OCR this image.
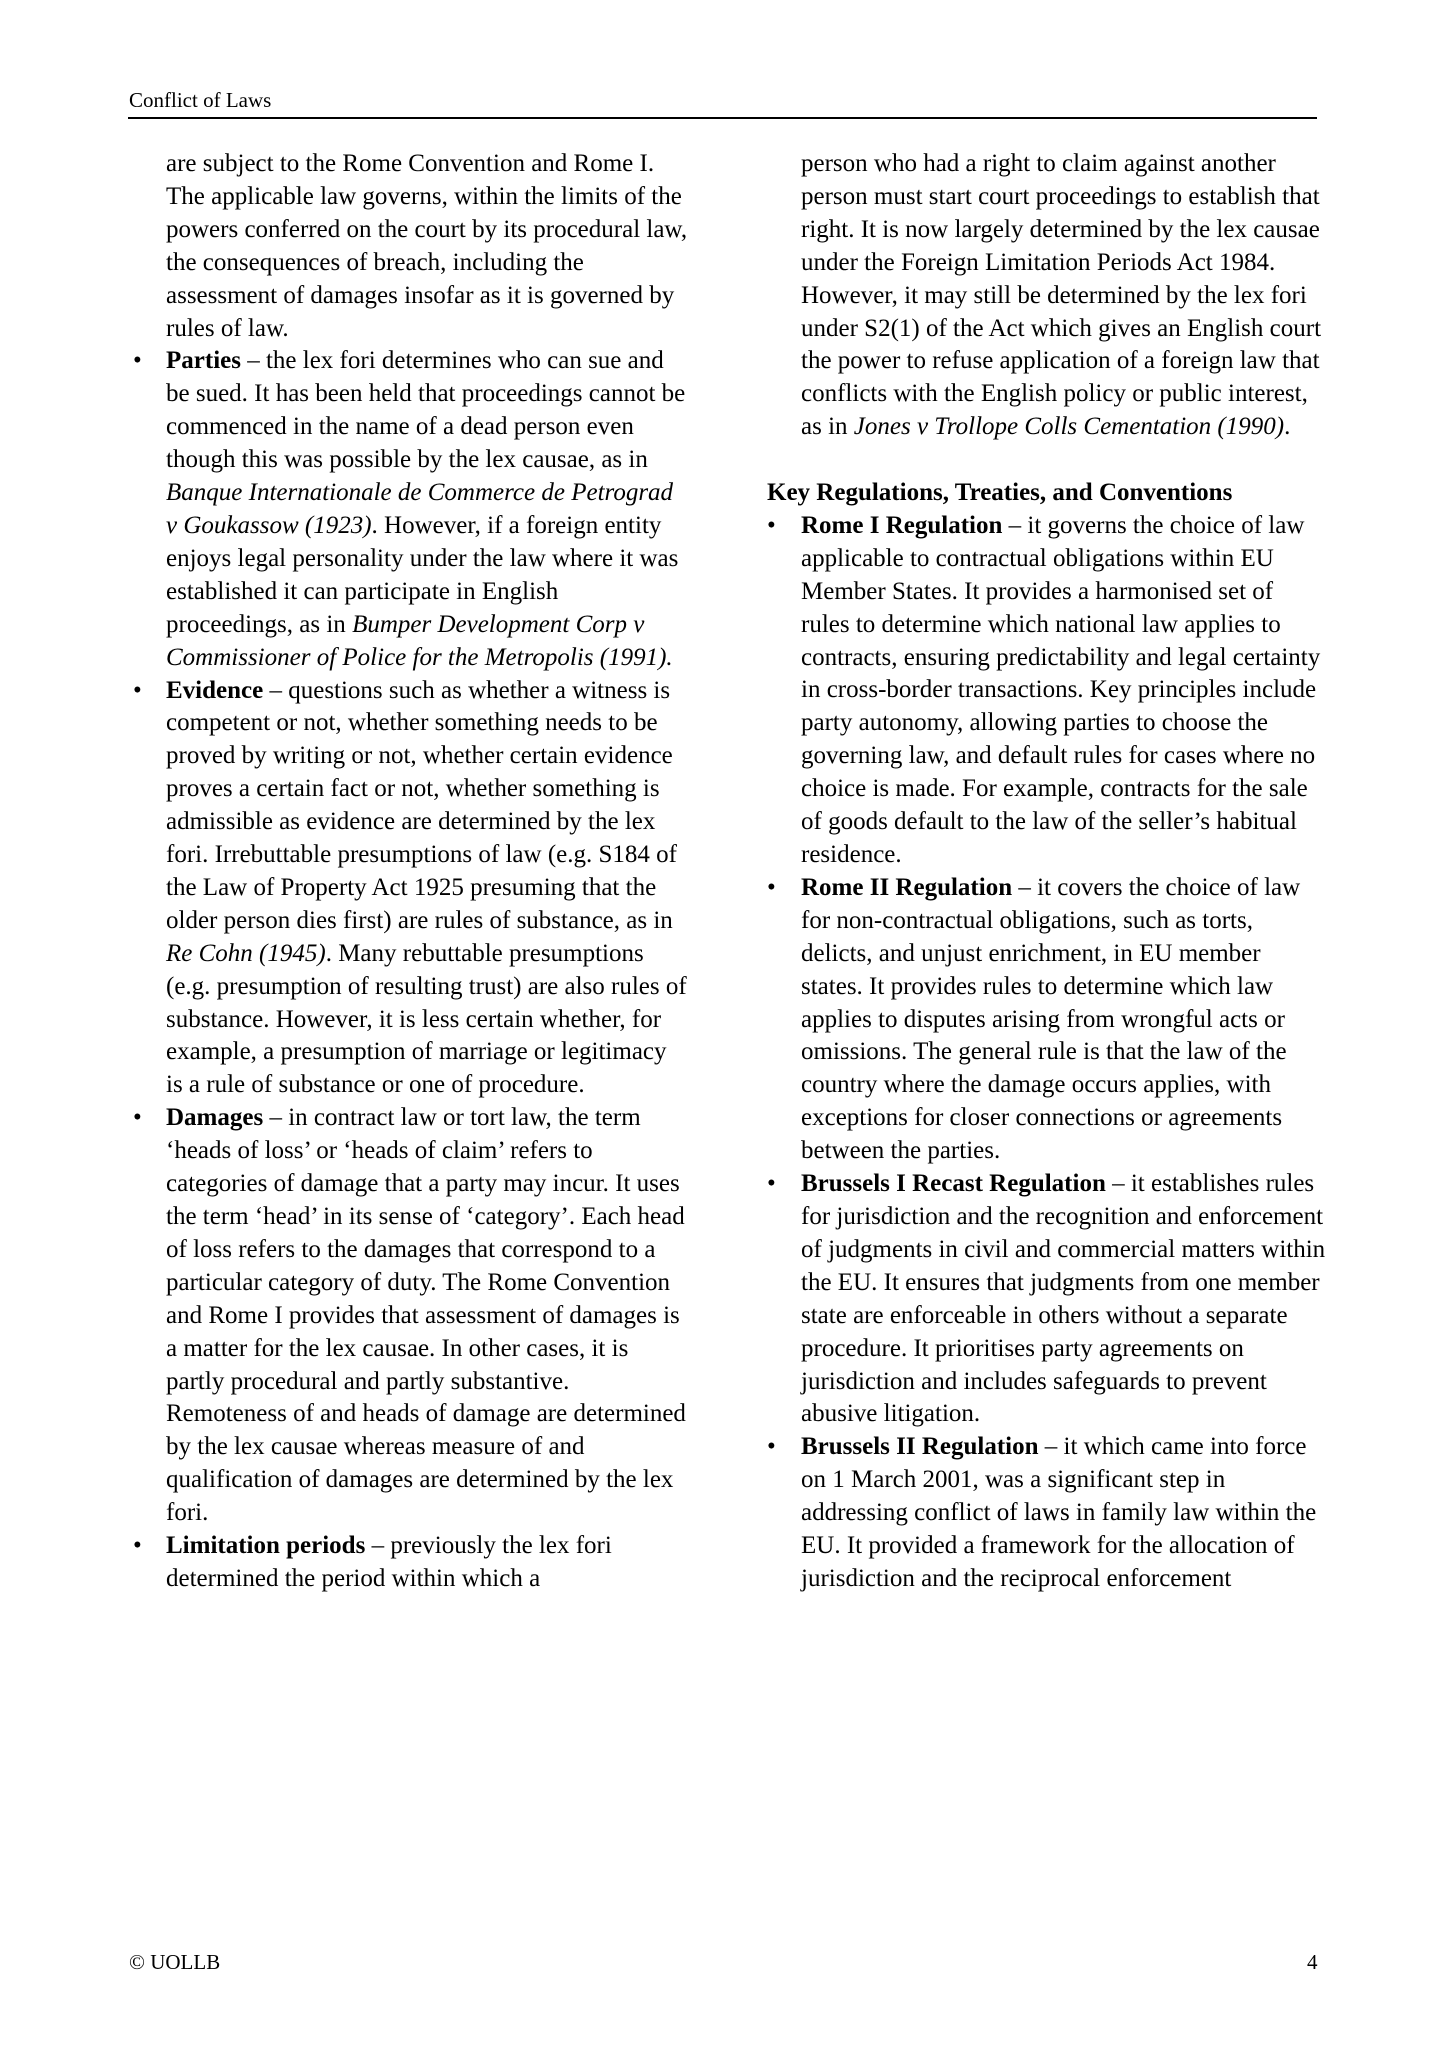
Conflict of Laws

are subject to the Rome Convention and Rome I. The applicable law governs, within the limits of the powers conferred on the court by its procedural law, the consequences of breach, including the assessment of damages insofar as it is governed by rules of law.

• Parties – the lex fori determines who can sue and be sued. It has been held that proceedings cannot be commenced in the name of a dead person even though this was possible by the lex causae, as in Banque Internationale de Commerce de Petrograd v Goukassow (1923). However, if a foreign entity enjoys legal personality under the law where it was established it can participate in English proceedings, as in Bumper Development Corp v Commissioner of Police for the Metropolis (1991).
• Evidence – questions such as whether a witness is competent or not, whether something needs to be proved by writing or not, whether certain evidence proves a certain fact or not, whether something is admissible as evidence are determined by the lex fori. Irrebuttable presumptions of law (e.g. S184 of the Law of Property Act 1925 presuming that the older person dies first) are rules of substance, as in Re Cohn (1945). Many rebuttable presumptions (e.g. presumption of resulting trust) are also rules of substance. However, it is less certain whether, for example, a presumption of marriage or legitimacy is a rule of substance or one of procedure.
• Damages – in contract law or tort law, the term ‘heads of loss’ or ‘heads of claim’ refers to categories of damage that a party may incur. It uses the term ‘head’ in its sense of ‘category’. Each head of loss refers to the damages that correspond to a particular category of duty. The Rome Convention and Rome I provides that assessment of damages is a matter for the lex causae. In other cases, it is partly procedural and partly substantive. Remoteness of and heads of damage are determined by the lex causae whereas measure of and qualification of damages are determined by the lex fori.
• Limitation periods – previously the lex fori determined the period within which a

person who had a right to claim against another person must start court proceedings to establish that right. It is now largely determined by the lex causae under the Foreign Limitation Periods Act 1984. However, it may still be determined by the lex fori under S2(1) of the Act which gives an English court the power to refuse application of a foreign law that conflicts with the English policy or public interest, as in Jones v Trollope Colls Cementation (1990).

Key Regulations, Treaties, and Conventions

• Rome I Regulation – it governs the choice of law applicable to contractual obligations within EU Member States. It provides a harmonised set of rules to determine which national law applies to contracts, ensuring predictability and legal certainty in cross-border transactions. Key principles include party autonomy, allowing parties to choose the governing law, and default rules for cases where no choice is made. For example, contracts for the sale of goods default to the law of the seller’s habitual residence.
• Rome II Regulation – it covers the choice of law for non-contractual obligations, such as torts, delicts, and unjust enrichment, in EU member states. It provides rules to determine which law applies to disputes arising from wrongful acts or omissions. The general rule is that the law of the country where the damage occurs applies, with exceptions for closer connections or agreements between the parties.
• Brussels I Recast Regulation – it establishes rules for jurisdiction and the recognition and enforcement of judgments in civil and commercial matters within the EU. It ensures that judgments from one member state are enforceable in others without a separate procedure. It prioritises party agreements on jurisdiction and includes safeguards to prevent abusive litigation.
• Brussels II Regulation – it which came into force on 1 March 2001, was a significant step in addressing conflict of laws in family law within the EU. It provided a framework for the allocation of jurisdiction and the reciprocal enforcement
© UOLLB	4
